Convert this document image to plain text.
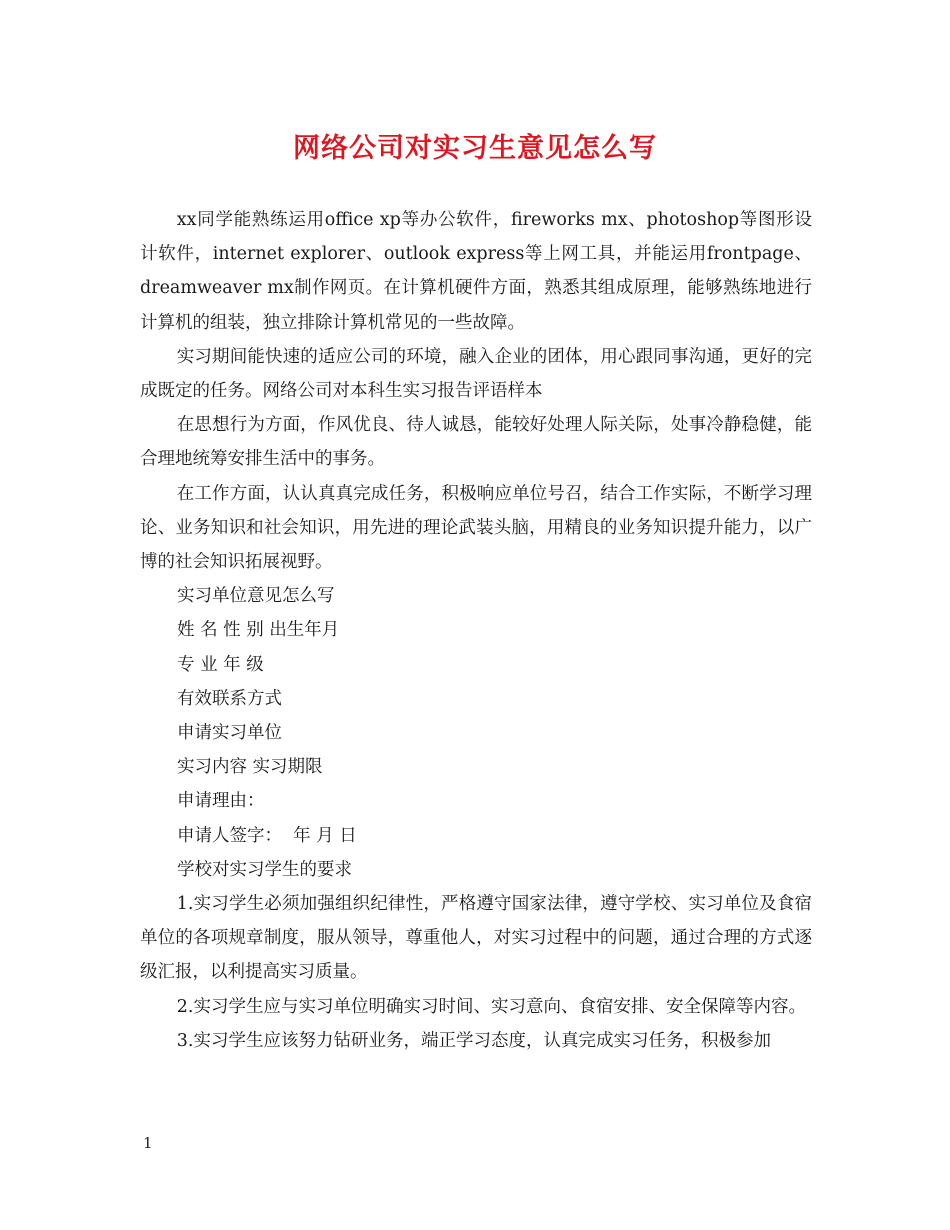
网络公司对实习生意见怎么写

xx同学能熟练运用office xp等办公软件，fireworks mx、photoshop等图形设计软件，internet explorer、outlook express等上网工具，并能运用frontpage、dreamweaver mx制作网页。在计算机硬件方面，熟悉其组成原理，能够熟练地进行计算机的组装，独立排除计算机常见的一些故障。

实习期间能快速的适应公司的环境，融入企业的团体，用心跟同事沟通，更好的完成既定的任务。网络公司对本科生实习报告评语样本

在思想行为方面，作风优良、待人诚恳，能较好处理人际关际，处事冷静稳健，能合理地统筹安排生活中的事务。

在工作方面，认认真真完成任务，积极响应单位号召，结合工作实际，不断学习理论、业务知识和社会知识，用先进的理论武装头脑，用精良的业务知识提升能力，以广博的社会知识拓展视野。

实习单位意见怎么写

姓 名 性 别 出生年月

专 业 年 级

有效联系方式

申请实习单位

实习内容 实习期限

申请理由：

申请人签字：  年 月 日

学校对实习学生的要求

1.实习学生必须加强组织纪律性，严格遵守国家法律，遵守学校、实习单位及食宿单位的各项规章制度，服从领导，尊重他人，对实习过程中的问题，通过合理的方式逐级汇报，以利提高实习质量。

2.实习学生应与实习单位明确实习时间、实习意向、食宿安排、安全保障等内容。

3.实习学生应该努力钻研业务，端正学习态度，认真完成实习任务，积极参加

1
